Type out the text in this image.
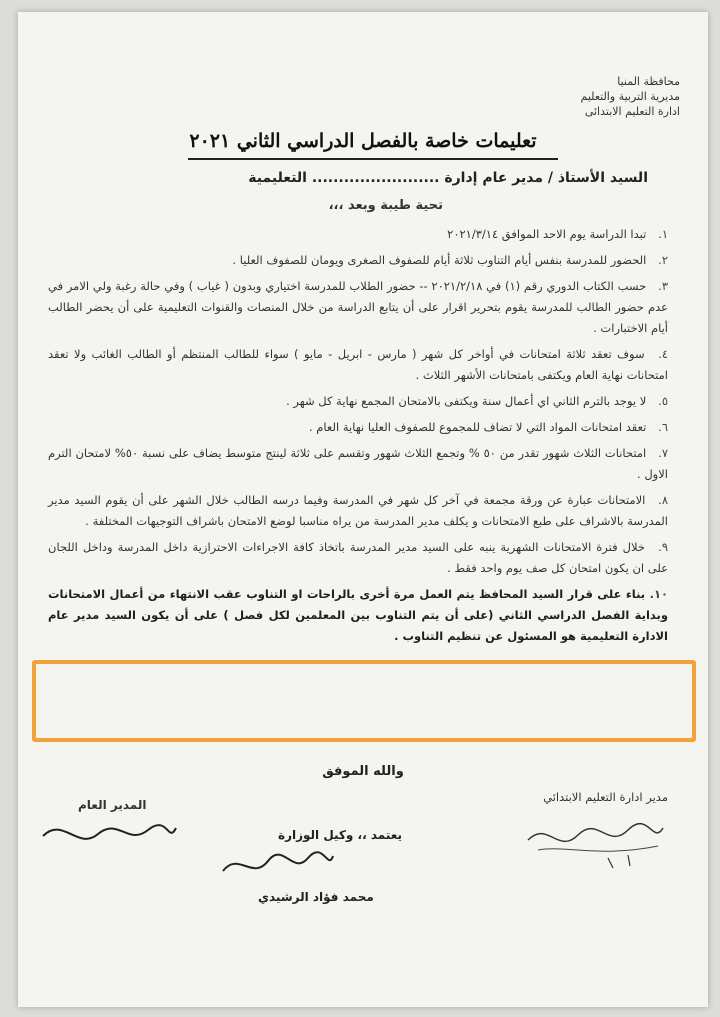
محافظة المنيا
مديرية التربية والتعليم
ادارة التعليم الابتدائى
تعليمات خاصة بالفصل الدراسي الثاني ٢٠٢١
السيد الأستاذ / مدير عام إدارة ........................ التعليمية
تحية طيبة وبعد ،،،
١. تبدا الدراسة يوم الاحد الموافق ٢٠٢١/٣/١٤
٢. الحضور للمدرسة بنفس أيام التناوب ثلاثة أيام للصفوف الصغرى ويومان للصفوف العليا .
٣. حسب الكتاب الدوري رقم (١) في ٢٠٢١/٢/١٨ -- حضور الطلاب للمدرسة اختياري وبدون ( غياب ) وفي حالة رغبة ولي الامر في عدم حضور الطالب للمدرسة يقوم بتحرير اقرار على أن يتابع الدراسة من خلال المنصات والقنوات التعليمية على أن يحضر الطالب أيام الاختبارات .
٤. سوف تعقد ثلاثة امتحانات في أواخر كل شهر ( مارس - ابريل - مايو ) سواء للطالب المنتظم أو الطالب الغائب ولا تعقد امتحانات نهاية العام ويكتفى بامتحانات الأشهر الثلاث .
٥. لا يوجد بالترم الثاني اي أعمال سنة ويكتفى بالامتحان المجمع نهاية كل شهر .
٦. تعقد امتحانات المواد التي لا تضاف للمجموع للصفوف العليا نهاية العام .
٧. امتحانات الثلاث شهور تقدر من ٥٠ % وتجمع الثلاث شهور وتقسم على ثلاثة لينتج متوسط يضاف على نسبة ٥٠% لامتحان الترم الاول .
٨. الامتحانات عبارة عن ورقة مجمعة في آخر كل شهر في المدرسة وفيما درسه الطالب خلال الشهر على أن يقوم السيد مدير المدرسة بالاشراف على طبع الامتحانات و يكلف مدير المدرسة من يراه مناسبا لوضع الامتحان باشراف التوجيهات المختلفة .
٩. خلال فترة الامتحانات الشهرية ينبه على السيد مدير المدرسة باتخاذ كافة الاجراءات الاحترازية داخل المدرسة وداخل اللجان على ان يكون امتحان كل صف يوم واحد فقط .
١٠. بناء على قرار السيد المحافظ يتم العمل مرة أخرى بالراحات او التناوب عقب الانتهاء من أعمال الامتحانات وبداية الفصل الدراسي الثاني (على أن يتم التناوب بين المعلمين لكل فصل ) على أن يكون السيد مدير عام الادارة التعليمية هو المسئول عن تنظيم التناوب .
والله الموفق
مدير ادارة التعليم الابتدائي
يعتمد ،، وكيل الوزارة
محمد فؤاد الرشيدي
المدير العام
